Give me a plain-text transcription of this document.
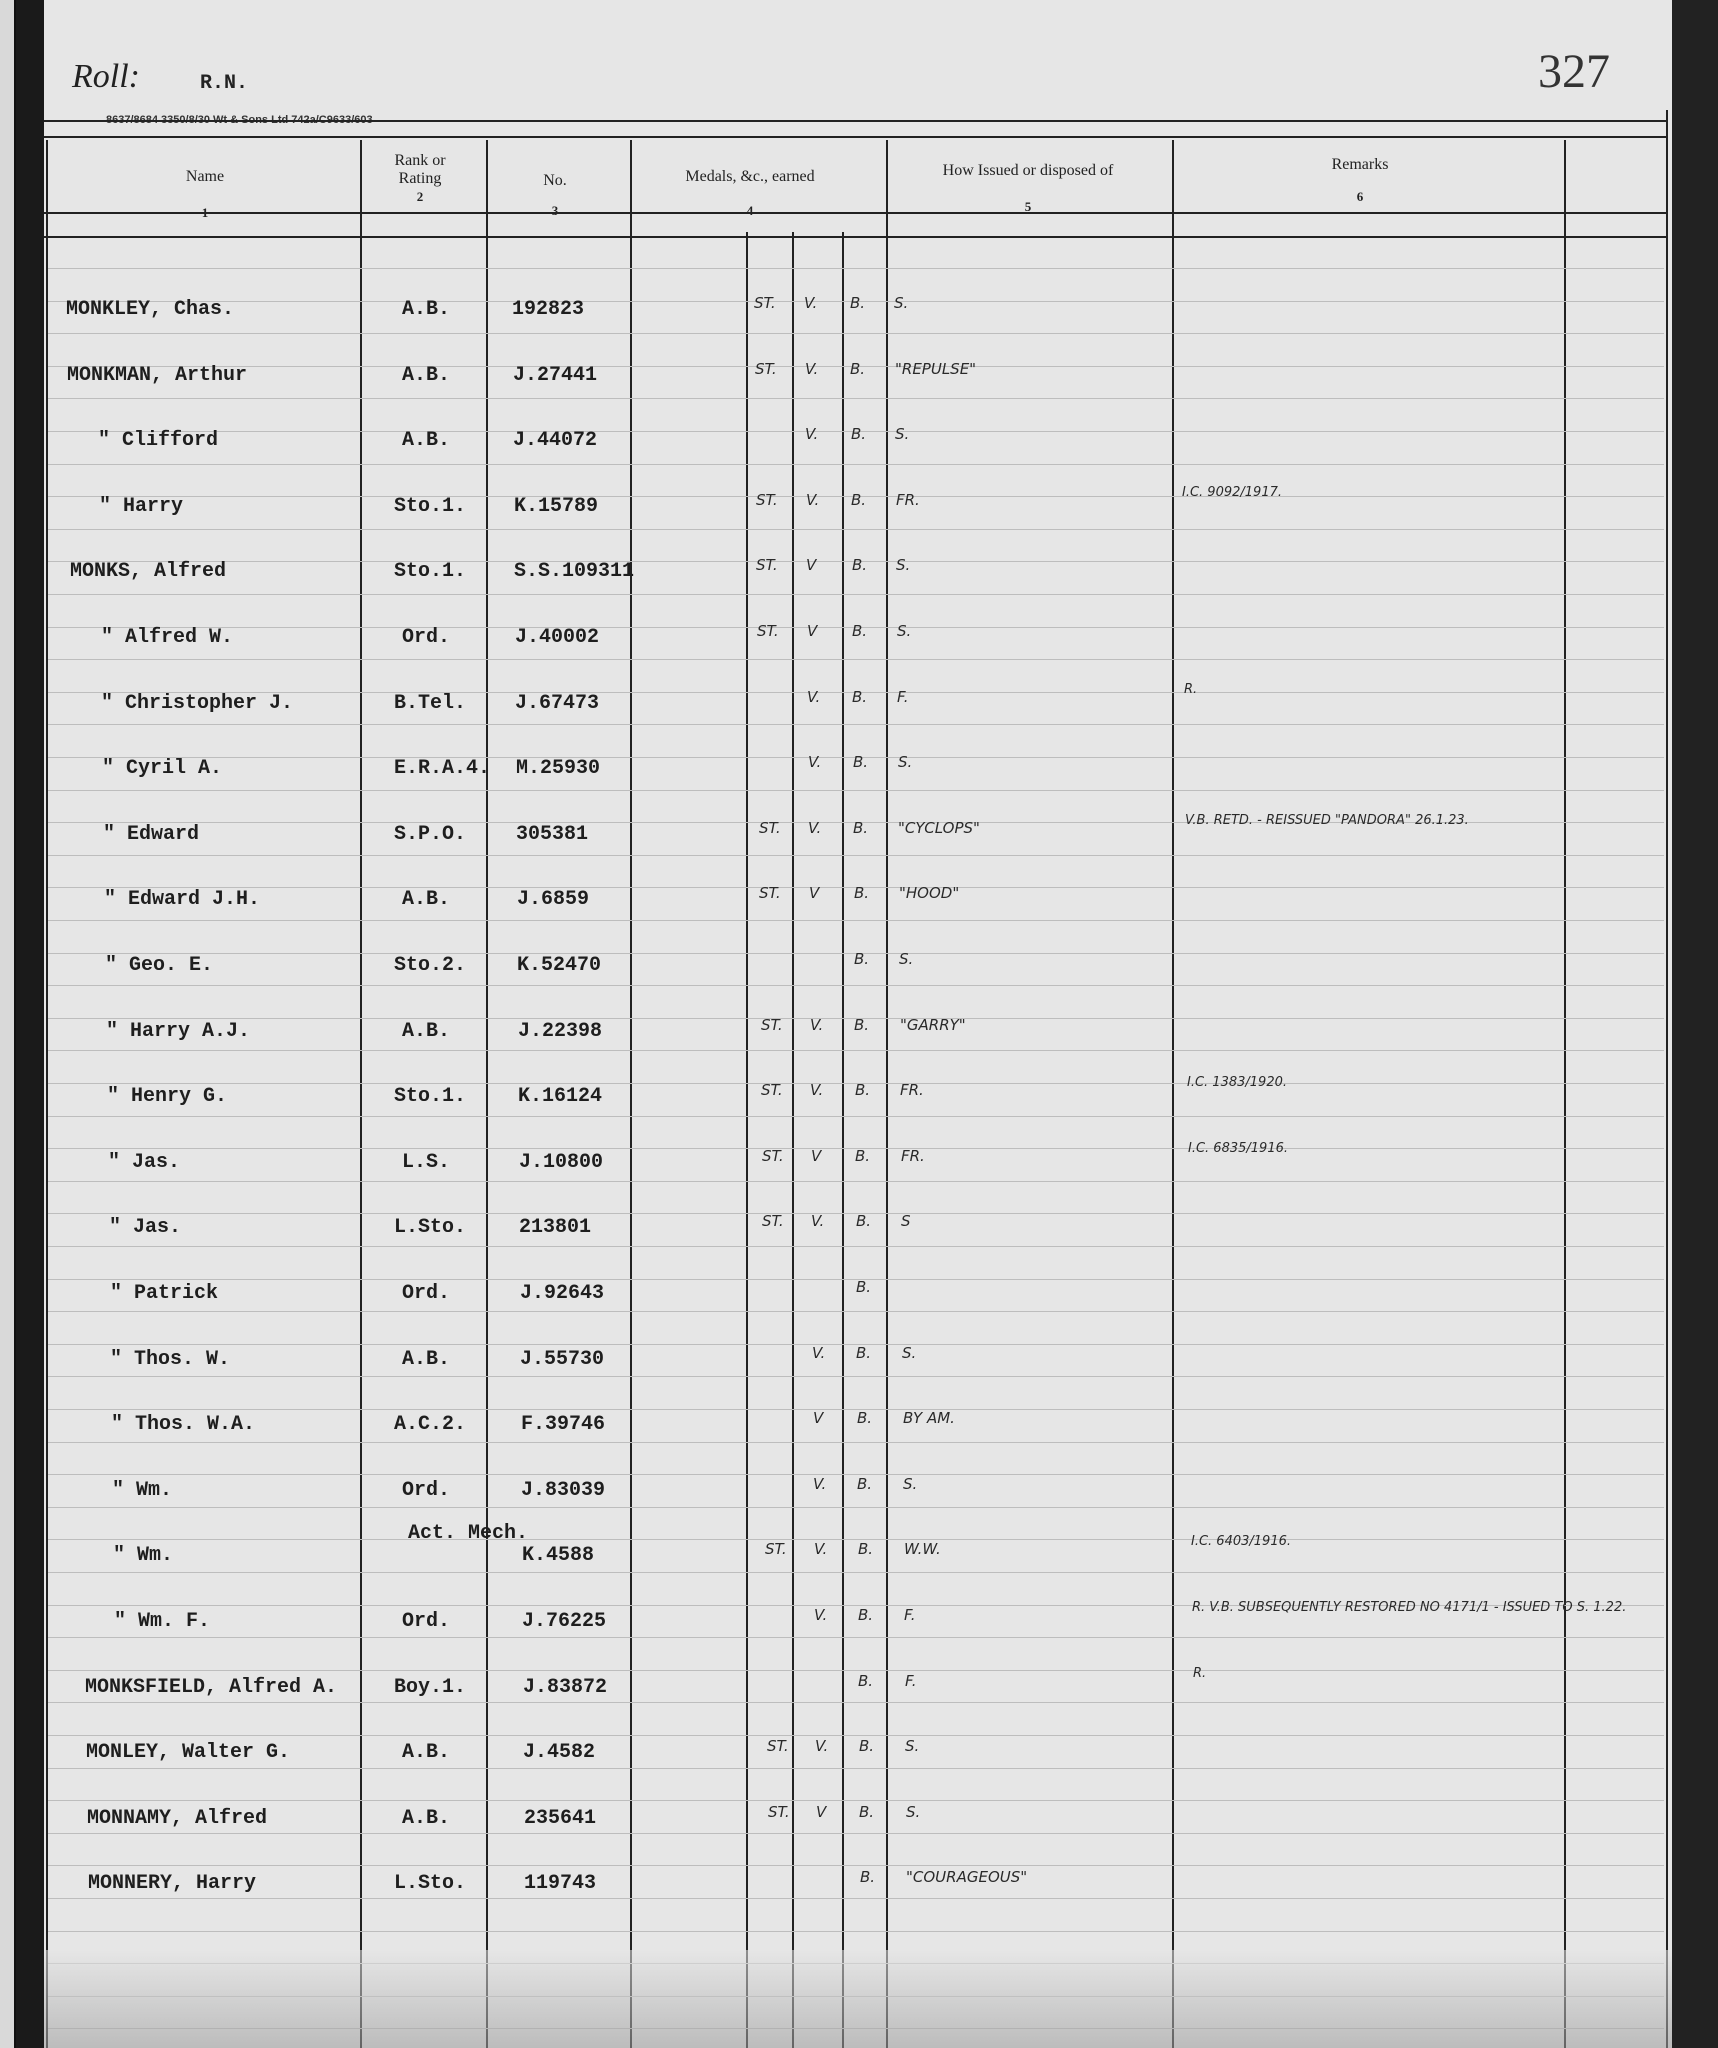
Roll:	R.N.	327
Name
$_1$
Rank or Rating
2
No.
$_3$
Medals, &c., earned
$_4$
How Issued or disposed of
$_5$
Remarks
$_6$
MONKLEY, Chas.	A.B.	192823	ST. V. B. S.
MONKMAN, Arthur	A.B.	J.27441	ST. V. B. "REPULSE"
" Clifford	A.B.	J.44072	V. B. S.
" Harry	Sto.1. K.15789	ST. V. B. FR.	I.C. 9092/1917.
MONKS, Alfred	Sto.1. S.S.109311	ST. V B. S.
" Alfred W.	Ord.	J.40002	ST. V B. S.
" Christopher J.	B.Tel. J.67473	V. B. F.	R.
" Cyril A.	E.R.A.4. M.25930	V. B. S.
" Edward	S.P.O. 305381	ST. V. B. "CYCLOPS"	V.B. RETD. - REISSUED "PANDORA" 26.1.23.
" Edward J.H.	A.B.	J.6859	ST. V B. "HOOD"
" Geo. E.	Sto.2.	K.52470	B. S.
" Harry A.J.	A.B.	J.22398	ST. V. B. "GARRY"
" Henry G.	Sto.1.	K.16124	ST. V. B. FR.	I.C. 1383/1920.
" Jas.	L.S.	J.10800	ST. V B. FR.	I.C. 6835/1916.
" Jas.	L.Sto.	213801	ST. V. B. S
" Patrick	Ord.	J.92643	B.
" Thos. W.	A.B.	J.55730	V. B. S.
" Thos. W.A.	A.C.2.	F.39746	V B. BY AM.
" Wm.	Ord.	J.83039	V. B. S.
" Wm.
Act. Mech.
K.4588	ST. V. B. W.W.	I.C. 6403/1916.
" Wm. F.	Ord.	J.76225	V. B. F.	R. V.B. SUBSEQUENTLY RESTORED NO 4171/1 - ISSUED TO S. 1.22.
MONKSFIELD, Alfred A.	Boy.1.	J.83872	B. F.	R.
MONLEY, Walter G.	A.B.	J.4582	ST. V. B. S.
MONNAMY, Alfred	A.B.	235641	ST. V B. S.
MONNERY, Harry	L.Sto.	119743	B. "COURAGEOUS"
